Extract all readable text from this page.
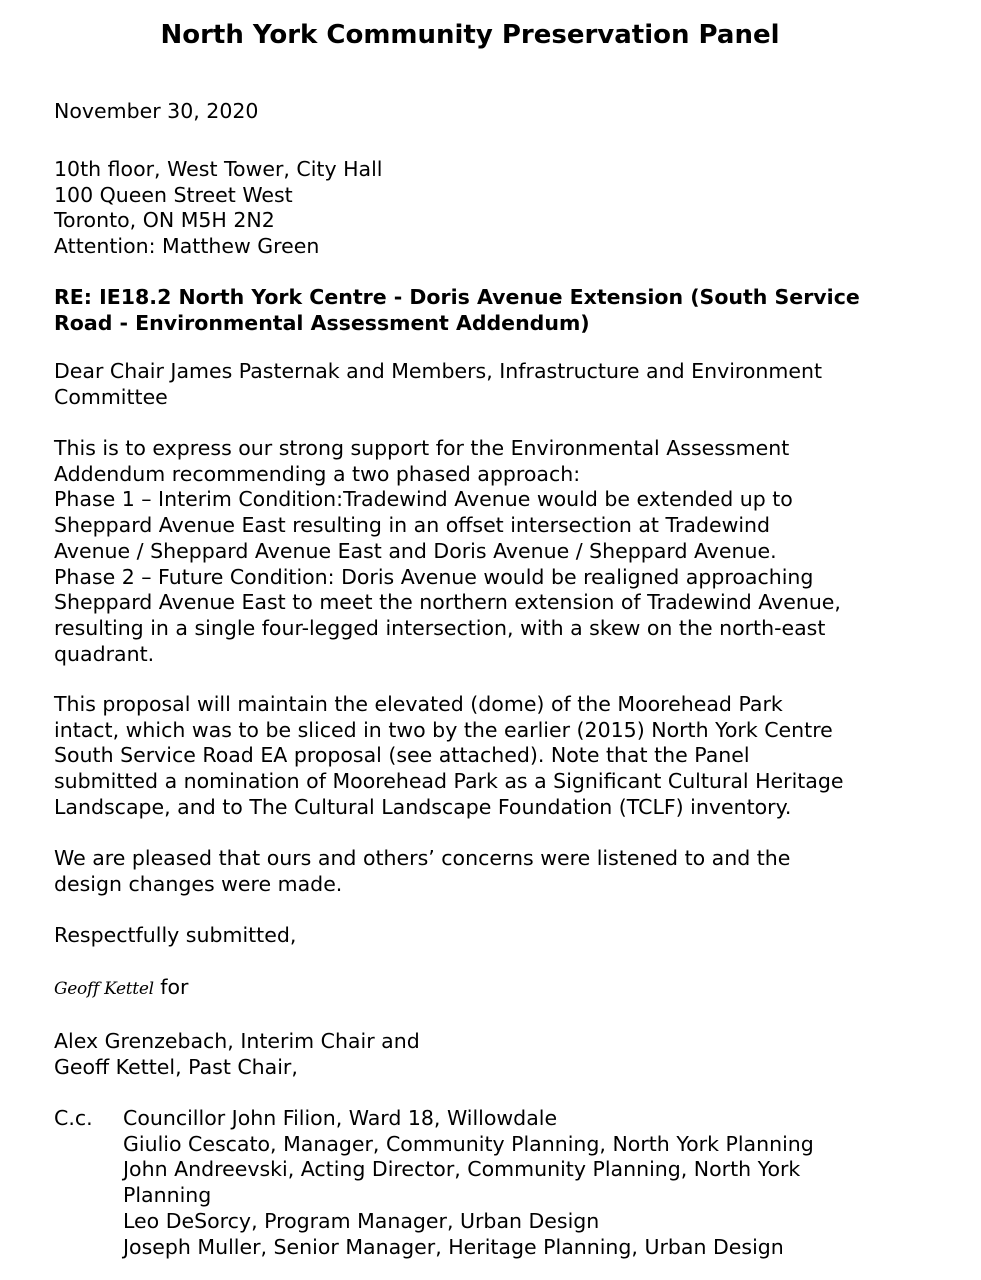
North York Community Preservation Panel
November 30, 2020
10th floor, West Tower, City Hall
100 Queen Street West
Toronto, ON M5H 2N2
Attention: Matthew Green
RE: IE18.2 North York Centre - Doris Avenue Extension (South Service
Road - Environmental Assessment Addendum)
Dear Chair James Pasternak and Members, Infrastructure and Environment
Committee
This is to express our strong support for the Environmental Assessment
Addendum recommending a two phased approach:
Phase 1 – Interim Condition:Tradewind Avenue would be extended up to
Sheppard Avenue East resulting in an offset intersection at Tradewind
Avenue / Sheppard Avenue East and Doris Avenue / Sheppard Avenue.
Phase 2 – Future Condition: Doris Avenue would be realigned approaching
Sheppard Avenue East to meet the northern extension of Tradewind Avenue,
resulting in a single four-legged intersection, with a skew on the north-east
quadrant.
This proposal will maintain the elevated (dome) of the Moorehead Park
intact, which was to be sliced in two by the earlier (2015) North York Centre
South Service Road EA proposal (see attached). Note that the Panel
submitted a nomination of Moorehead Park as a Significant Cultural Heritage
Landscape, and to The Cultural Landscape Foundation (TCLF) inventory.
We are pleased that ours and others’ concerns were listened to and the
design changes were made.
Respectfully submitted,
Geoff Kettel for
Alex Grenzebach, Interim Chair and
Geoff Kettel, Past Chair,
C.c. Councillor John Filion, Ward 18, Willowdale
Giulio Cescato, Manager, Community Planning, North York Planning
John Andreevski, Acting Director, Community Planning, North York
Planning
Leo DeSorcy, Program Manager, Urban Design
Joseph Muller, Senior Manager, Heritage Planning, Urban Design
